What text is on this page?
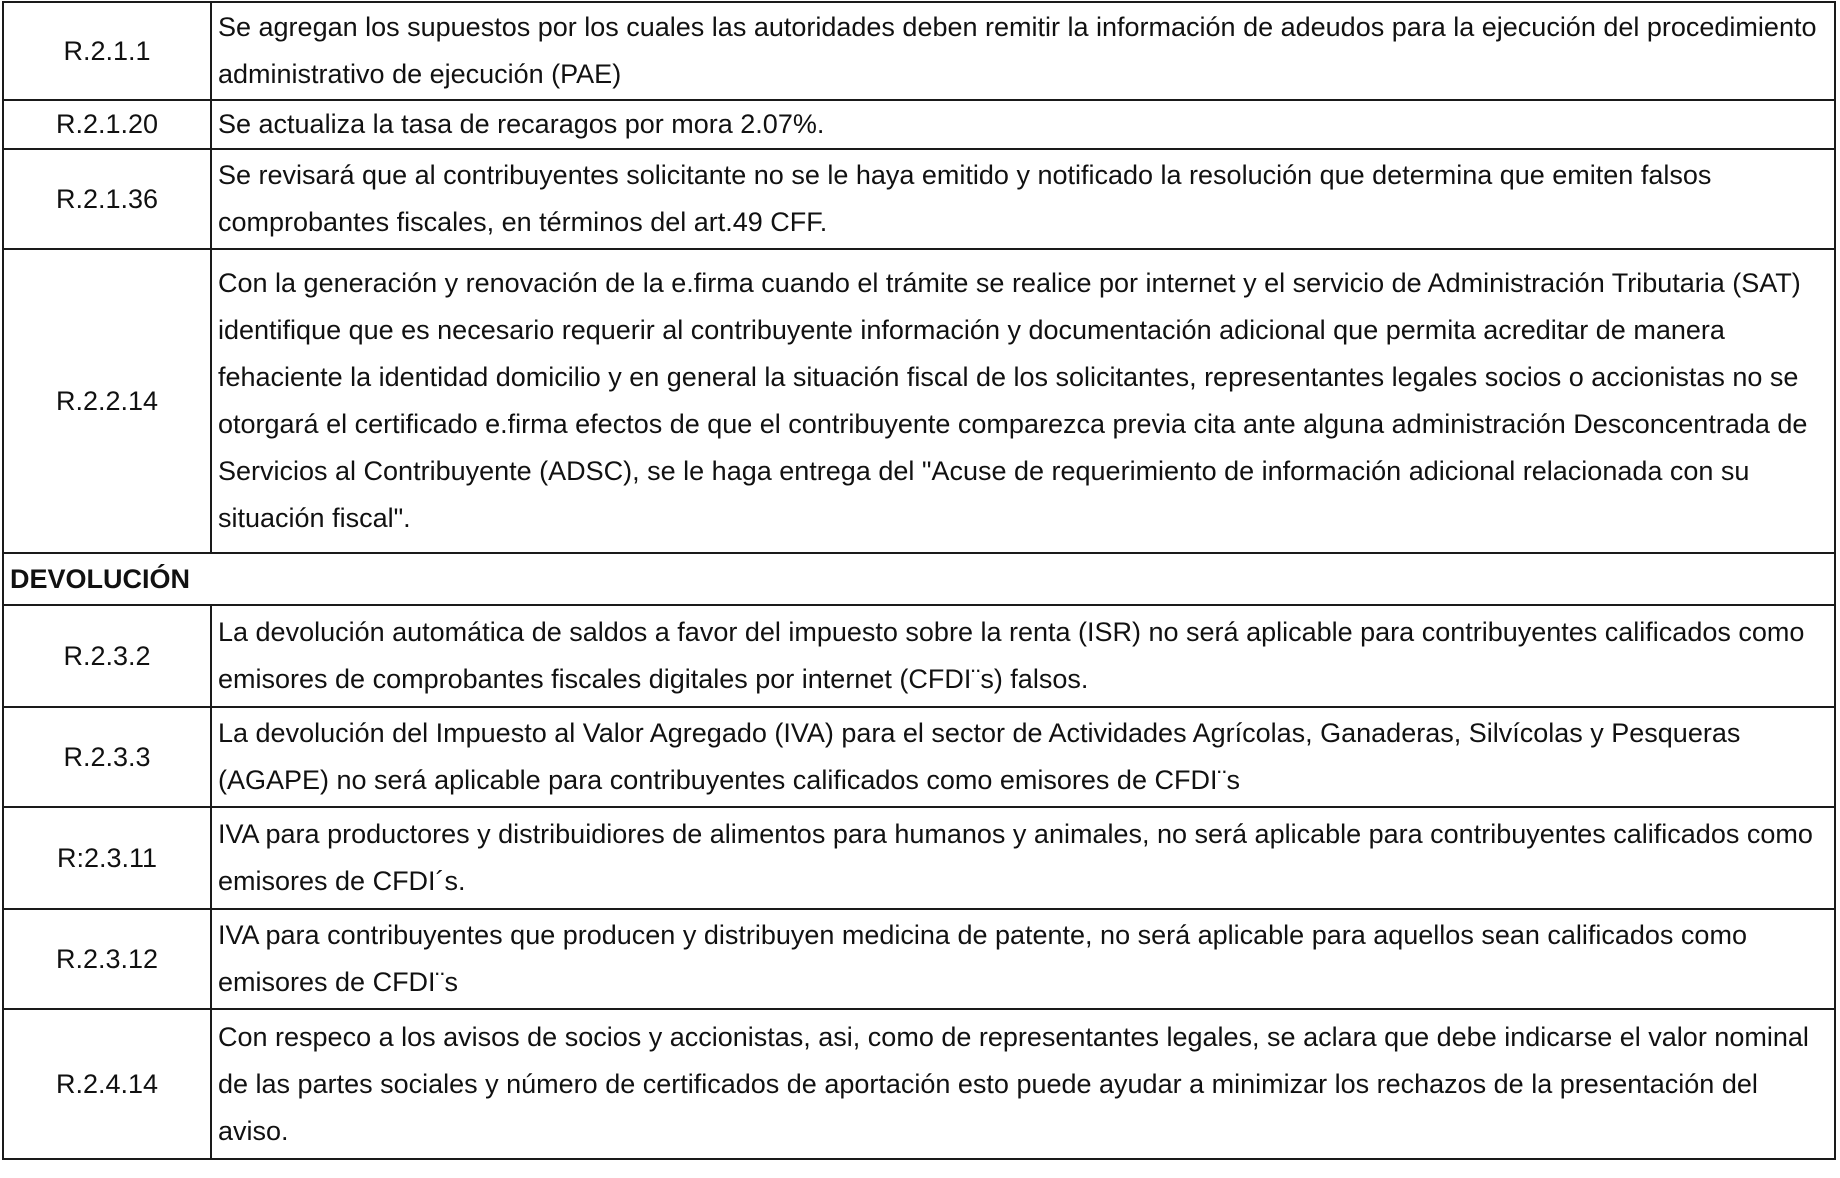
R.2.1.1	Se agregan los supuestos por los cuales las autoridades deben remitir la información de adeudos para la ejecución del procedimiento administrativo de ejecución (PAE)
R.2.1.20	Se actualiza la tasa de recaragos por mora 2.07%.
R.2.1.36	Se revisará que al contribuyentes solicitante no se le haya emitido y notificado la resolución que determina que emiten falsos comprobantes fiscales, en términos del art.49 CFF.
R.2.2.14	Con la generación y renovación de la e.firma cuando el trámite se realice por internet y el servicio de Administración Tributaria (SAT) identifique que es necesario requerir al contribuyente información y documentación adicional que permita acreditar de manera fehaciente la identidad domicilio y en general la situación fiscal de los solicitantes, representantes legales socios o accionistas no se otorgará el certificado e.firma efectos de que el contribuyente comparezca previa cita ante alguna administración Desconcentrada de Servicios al Contribuyente (ADSC), se le haga entrega del "Acuse de requerimiento de información adicional relacionada con su situación fiscal".
DEVOLUCIÓN	
R.2.3.2	La devolución automática de saldos a favor del impuesto sobre la renta (ISR) no será aplicable para contribuyentes calificados como emisores de comprobantes fiscales digitales por internet (CFDI¨s) falsos.
R.2.3.3	La devolución del Impuesto al Valor Agregado (IVA) para el sector de Actividades Agrícolas, Ganaderas, Silvícolas y Pesqueras (AGAPE) no será aplicable para contribuyentes calificados como emisores de CFDI¨s
R:2.3.11	IVA para productores y distribuidiores de alimentos para humanos y animales, no será aplicable para contribuyentes calificados como emisores de CFDI´s.
R.2.3.12	IVA para contribuyentes que producen y distribuyen medicina de patente, no será aplicable para aquellos sean calificados como emisores de CFDI¨s
R.2.4.14	Con respeco a los avisos de socios y accionistas, asi, como de representantes legales, se aclara que debe indicarse el valor nominal de las partes sociales y número de certificados de aportación esto puede ayudar a minimizar los rechazos de la presentación del aviso.
